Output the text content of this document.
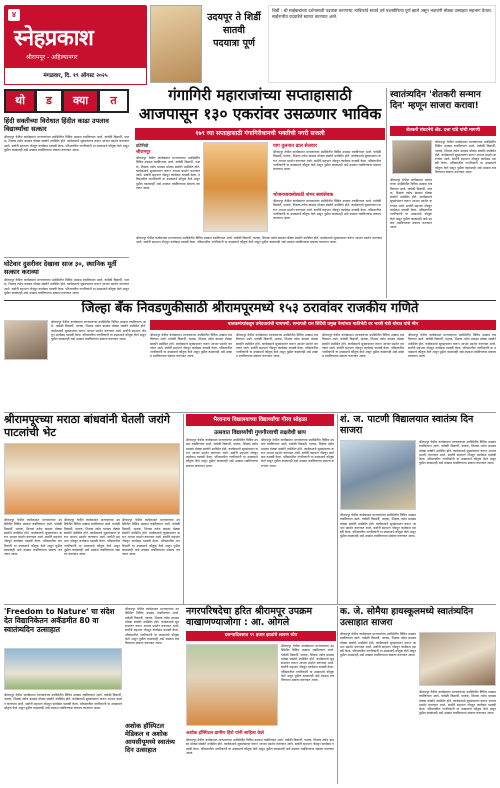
४
स्नेहप्रकाश
श्रीरामपूर - अहिल्यानगर
मंगळवार, दि. १९ ऑगस्ट २०२५
उदयपूर ते शिर्डी सातवी
पदयात्रा पूर्ण
शिर्डी : श्री साईबाबांच्या दर्शनासाठी पदयात्रा करणाऱ्या भाविकांचे सातवे वर्ष यशस्वीरित्या पूर्ण झाले असून भक्तांनी मोठ्या उत्साहात सहभाग घेतला. साईनगरीत पदयात्रेचे स्वागत करण्यात आले.
थो	ड	क्या	त	गंगागिरी महाराजांच्या सप्ताहासाठी
आजपासून १३० एकरांवर उसळणार भाविक
१७९ व्या सप्ताहासाठी गंगागिरीधामची भक्तीची नगरी सजली
हिंदी सक्तीच्या विरोधात हिंदीत काढा उपलाव विद्यार्थ्यांचा सत्कार
श्रीरामपूर येथील कार्यक्रमात मान्यवरांच्या उपस्थितीत विविध उपक्रम राबविण्यात आले. यावेळी विद्यार्थी, पालक, शिक्षक तसेच ग्रामस्थ मोठ्या संख्येने उपस्थित होते. कार्यक्रमाचे सूत्रसंचालन करून आभार प्रदर्शन करण्यात आले. सर्वांनी सहभाग नोंदवून कार्यक्रम यशस्वी केला. परिसरातील नागरिकांनी या उपक्रमाचे कौतुक केले असून पुढील काळातही असे उपक्रम राबविण्याचा संकल्प करण्यात आला.
घोटेवार दुसरीवर देखावा साज ३०, स्थानिक मूर्ती सत्कार कराव्या
श्रीरामपूर येथील कार्यक्रमात मान्यवरांच्या उपस्थितीत विविध उपक्रम राबविण्यात आले. यावेळी विद्यार्थी, पालक, शिक्षक तसेच ग्रामस्थ मोठ्या संख्येने उपस्थित होते. कार्यक्रमाचे सूत्रसंचालन करून आभार प्रदर्शन करण्यात आले. सर्वांनी सहभाग नोंदवून कार्यक्रम यशस्वी केला. परिसरातील नागरिकांनी या उपक्रमाचे कौतुक केले असून पुढील काळातही असे उपक्रम राबविण्याचा संकल्प करण्यात आला.
प्रतिनिधी
श्रीरामपूर
श्रीरामपूर येथील कार्यक्रमात मान्यवरांच्या उपस्थितीत विविध उपक्रम राबविण्यात आले. यावेळी विद्यार्थी, पालक, शिक्षक तसेच ग्रामस्थ मोठ्या संख्येने उपस्थित होते. कार्यक्रमाचे सूत्रसंचालन करून आभार प्रदर्शन करण्यात आले. सर्वांनी सहभाग नोंदवून कार्यक्रम यशस्वी केला. परिसरातील नागरिकांनी या उपक्रमाचे कौतुक केले असून पुढील काळातही असे उपक्रम राबविण्याचा संकल्प करण्यात आला.
याग तुलनात ढाल सेलवार
श्रीरामपूर येथील कार्यक्रमात मान्यवरांच्या उपस्थितीत विविध उपक्रम राबविण्यात आले. यावेळी विद्यार्थी, पालक, शिक्षक तसेच ग्रामस्थ मोठ्या संख्येने उपस्थित होते. कार्यक्रमाचे सूत्रसंचालन करून आभार प्रदर्शन करण्यात आले. सर्वांनी सहभाग नोंदवून कार्यक्रम यशस्वी केला. परिसरातील नागरिकांनी या उपक्रमाचे कौतुक केले असून पुढील काळातही असे उपक्रम राबविण्याचा संकल्प करण्यात आला.
भोजनव्यवस्थेसाठी शंभर स्वयंसेवक
श्रीरामपूर येथील कार्यक्रमात मान्यवरांच्या उपस्थितीत विविध उपक्रम राबविण्यात आले. यावेळी विद्यार्थी, पालक, शिक्षक तसेच ग्रामस्थ मोठ्या संख्येने उपस्थित होते. कार्यक्रमाचे सूत्रसंचालन करून आभार प्रदर्शन करण्यात आले. सर्वांनी सहभाग नोंदवून कार्यक्रम यशस्वी केला. परिसरातील नागरिकांनी या उपक्रमाचे कौतुक केले असून पुढील काळातही असे उपक्रम राबविण्याचा संकल्प करण्यात आला.
श्रीरामपूर येथील कार्यक्रमात मान्यवरांच्या उपस्थितीत विविध उपक्रम राबविण्यात आले. यावेळी विद्यार्थी, पालक, शिक्षक तसेच ग्रामस्थ मोठ्या संख्येने उपस्थित होते. कार्यक्रमाचे सूत्रसंचालन करून आभार प्रदर्शन करण्यात आले. सर्वांनी सहभाग नोंदवून कार्यक्रम यशस्वी केला. परिसरातील नागरिकांनी या उपक्रमाचे कौतुक केले असून पुढील काळातही असे उपक्रम राबविण्याचा संकल्प करण्यात आला.
स्वातंत्र्यदिन 'शेतकरी सन्मान दिन' म्हणून साजरा करावा!
शेतकरी संघटनेचे ॲड. दत्ता पांडे यांची मागणी
श्रीरामपूर येथील कार्यक्रमात मान्यवरांच्या उपस्थितीत विविध उपक्रम राबविण्यात आले. यावेळी विद्यार्थी, पालक, शिक्षक तसेच ग्रामस्थ मोठ्या संख्येने उपस्थित होते. कार्यक्रमाचे सूत्रसंचालन करून आभार प्रदर्शन करण्यात आले. सर्वांनी सहभाग नोंदवून कार्यक्रम यशस्वी केला. परिसरातील नागरिकांनी या उपक्रमाचे कौतुक केले असून पुढील काळातही असे उपक्रम राबविण्याचा संकल्प करण्यात आला.
श्रीरामपूर येथील कार्यक्रमात मान्यवरांच्या उपस्थितीत विविध उपक्रम राबविण्यात आले. यावेळी विद्यार्थी, पालक, शिक्षक तसेच ग्रामस्थ मोठ्या संख्येने उपस्थित होते. कार्यक्रमाचे सूत्रसंचालन करून आभार प्रदर्शन करण्यात आले. सर्वांनी सहभाग नोंदवून कार्यक्रम यशस्वी केला. परिसरातील नागरिकांनी या उपक्रमाचे कौतुक केले असून पुढील काळातही असे उपक्रम राबविण्याचा संकल्प करण्यात आला.
जिल्हा बँक निवडणुकीसाठी श्रीरामपूरमध्ये १५३ ठरावांवर राजकीय गणिते
पालकमंत्र्यांकडून उमेदवारांची चाचपणी, सभापती राम शिंदेंची प्रमुख नेत्यांच्या गाठीभेटी वर भाजी मंत्री थोरात यांचे मौन
श्रीरामपूर येथील कार्यक्रमात मान्यवरांच्या उपस्थितीत विविध उपक्रम राबविण्यात आले. यावेळी विद्यार्थी, पालक, शिक्षक तसेच ग्रामस्थ मोठ्या संख्येने उपस्थित होते. कार्यक्रमाचे सूत्रसंचालन करून आभार प्रदर्शन करण्यात आले. सर्वांनी सहभाग नोंदवून कार्यक्रम यशस्वी केला. परिसरातील नागरिकांनी या उपक्रमाचे कौतुक केले असून पुढील काळातही असे उपक्रम राबविण्याचा संकल्प करण्यात आला.
श्रीरामपूर येथील कार्यक्रमात मान्यवरांच्या उपस्थितीत विविध उपक्रम राबविण्यात आले. यावेळी विद्यार्थी, पालक, शिक्षक तसेच ग्रामस्थ मोठ्या संख्येने उपस्थित होते. कार्यक्रमाचे सूत्रसंचालन करून आभार प्रदर्शन करण्यात आले. सर्वांनी सहभाग नोंदवून कार्यक्रम यशस्वी केला. परिसरातील नागरिकांनी या उपक्रमाचे कौतुक केले असून पुढील काळातही असे उपक्रम राबविण्याचा संकल्प करण्यात आला.
श्रीरामपूर येथील कार्यक्रमात मान्यवरांच्या उपस्थितीत विविध उपक्रम राबविण्यात आले. यावेळी विद्यार्थी, पालक, शिक्षक तसेच ग्रामस्थ मोठ्या संख्येने उपस्थित होते. कार्यक्रमाचे सूत्रसंचालन करून आभार प्रदर्शन करण्यात आले. सर्वांनी सहभाग नोंदवून कार्यक्रम यशस्वी केला. परिसरातील नागरिकांनी या उपक्रमाचे कौतुक केले असून पुढील काळातही असे उपक्रम राबविण्याचा संकल्प करण्यात आला.
श्रीरामपूर येथील कार्यक्रमात मान्यवरांच्या उपस्थितीत विविध उपक्रम राबविण्यात आले. यावेळी विद्यार्थी, पालक, शिक्षक तसेच ग्रामस्थ मोठ्या संख्येने उपस्थित होते. कार्यक्रमाचे सूत्रसंचालन करून आभार प्रदर्शन करण्यात आले. सर्वांनी सहभाग नोंदवून कार्यक्रम यशस्वी केला. परिसरातील नागरिकांनी या उपक्रमाचे कौतुक केले असून पुढील काळातही असे उपक्रम राबविण्याचा संकल्प करण्यात आला.
श्रीरामपूर येथील कार्यक्रमात मान्यवरांच्या उपस्थितीत विविध उपक्रम राबविण्यात आले. यावेळी विद्यार्थी, पालक, शिक्षक तसेच ग्रामस्थ मोठ्या संख्येने उपस्थित होते. कार्यक्रमाचे सूत्रसंचालन करून आभार प्रदर्शन करण्यात आले. सर्वांनी सहभाग नोंदवून कार्यक्रम यशस्वी केला. परिसरातील नागरिकांनी या उपक्रमाचे कौतुक केले असून पुढील काळातही असे उपक्रम राबविण्याचा संकल्प करण्यात आला.
श्रीरामपूरच्या मराठा बांधवांनी घेतली जरांगे पाटलांची भेट
श्रीरामपूर येथील कार्यक्रमात मान्यवरांच्या उपस्थितीत विविध उपक्रम राबविण्यात आले. यावेळी विद्यार्थी, पालक, शिक्षक तसेच ग्रामस्थ मोठ्या संख्येने उपस्थित होते. कार्यक्रमाचे सूत्रसंचालन करून आभार प्रदर्शन करण्यात आले. सर्वांनी सहभाग नोंदवून कार्यक्रम यशस्वी केला. परिसरातील नागरिकांनी या उपक्रमाचे कौतुक केले असून पुढील काळातही असे उपक्रम राबविण्याचा संकल्प करण्यात आला.
श्रीरामपूर येथील कार्यक्रमात मान्यवरांच्या उपस्थितीत विविध उपक्रम राबविण्यात आले. यावेळी विद्यार्थी, पालक, शिक्षक तसेच ग्रामस्थ मोठ्या संख्येने उपस्थित होते. कार्यक्रमाचे सूत्रसंचालन करून आभार प्रदर्शन करण्यात आले. सर्वांनी सहभाग नोंदवून कार्यक्रम यशस्वी केला. परिसरातील नागरिकांनी या उपक्रमाचे कौतुक केले असून पुढील काळातही असे उपक्रम राबविण्याचा संकल्प करण्यात आला.
श्रीरामपूर येथील कार्यक्रमात मान्यवरांच्या उपस्थितीत विविध उपक्रम राबविण्यात आले. यावेळी विद्यार्थी, पालक, शिक्षक तसेच ग्रामस्थ मोठ्या संख्येने उपस्थित होते. कार्यक्रमाचे सूत्रसंचालन करून आभार प्रदर्शन करण्यात आले. सर्वांनी सहभाग नोंदवून कार्यक्रम यशस्वी केला. परिसरातील नागरिकांनी या उपक्रमाचे कौतुक केले असून पुढील काळातही असे उपक्रम राबविण्याचा संकल्प करण्यात आला.
भैरवनाथ विद्यालयाच्या विद्यार्थ्यांचा गौरव सोहळा
उत्सवात विद्यार्थ्यांची गुणगौरवाची लक्षवेधी छाप
श्रीरामपूर येथील कार्यक्रमात मान्यवरांच्या उपस्थितीत विविध उपक्रम राबविण्यात आले. यावेळी विद्यार्थी, पालक, शिक्षक तसेच ग्रामस्थ मोठ्या संख्येने उपस्थित होते. कार्यक्रमाचे सूत्रसंचालन करून आभार प्रदर्शन करण्यात आले. सर्वांनी सहभाग नोंदवून कार्यक्रम यशस्वी केला. परिसरातील नागरिकांनी या उपक्रमाचे कौतुक केले असून पुढील काळातही असे उपक्रम राबविण्याचा संकल्प करण्यात आला.
श्रीरामपूर येथील कार्यक्रमात मान्यवरांच्या उपस्थितीत विविध उपक्रम राबविण्यात आले. यावेळी विद्यार्थी, पालक, शिक्षक तसेच ग्रामस्थ मोठ्या संख्येने उपस्थित होते. कार्यक्रमाचे सूत्रसंचालन करून आभार प्रदर्शन करण्यात आले. सर्वांनी सहभाग नोंदवून कार्यक्रम यशस्वी केला. परिसरातील नागरिकांनी या उपक्रमाचे कौतुक केले असून पुढील काळातही असे उपक्रम राबविण्याचा संकल्प करण्यात आला.
शं. ज. पाटणी विद्यालयात स्वातंत्र्य दिन साजरा
श्रीरामपूर येथील कार्यक्रमात मान्यवरांच्या उपस्थितीत विविध उपक्रम राबविण्यात आले. यावेळी विद्यार्थी, पालक, शिक्षक तसेच ग्रामस्थ मोठ्या संख्येने उपस्थित होते. कार्यक्रमाचे सूत्रसंचालन करून आभार प्रदर्शन करण्यात आले. सर्वांनी सहभाग नोंदवून कार्यक्रम यशस्वी केला. परिसरातील नागरिकांनी या उपक्रमाचे कौतुक केले असून पुढील काळातही असे उपक्रम राबविण्याचा संकल्प करण्यात आला.
श्रीरामपूर येथील कार्यक्रमात मान्यवरांच्या उपस्थितीत विविध उपक्रम राबविण्यात आले. यावेळी विद्यार्थी, पालक, शिक्षक तसेच ग्रामस्थ मोठ्या संख्येने उपस्थित होते. कार्यक्रमाचे सूत्रसंचालन करून आभार प्रदर्शन करण्यात आले. सर्वांनी सहभाग नोंदवून कार्यक्रम यशस्वी केला. परिसरातील नागरिकांनी या उपक्रमाचे कौतुक केले असून पुढील काळातही असे उपक्रम राबविण्याचा संकल्प करण्यात आला.
'Freedom to Nature' चा संदेश देत विद्यानिकेतन अकॅडमीत 80 वा स्वातंत्र्यदिन उत्साहात
श्रीरामपूर येथील कार्यक्रमात मान्यवरांच्या उपस्थितीत विविध उपक्रम राबविण्यात आले. यावेळी विद्यार्थी, पालक, शिक्षक तसेच ग्रामस्थ मोठ्या संख्येने उपस्थित होते. कार्यक्रमाचे सूत्रसंचालन करून आभार प्रदर्शन करण्यात आले. सर्वांनी सहभाग नोंदवून कार्यक्रम यशस्वी केला. परिसरातील नागरिकांनी या उपक्रमाचे कौतुक केले असून पुढील काळातही असे उपक्रम राबविण्याचा संकल्प करण्यात आला.
श्रीरामपूर येथील कार्यक्रमात मान्यवरांच्या उपस्थितीत विविध उपक्रम राबविण्यात आले. यावेळी विद्यार्थी, पालक, शिक्षक तसेच ग्रामस्थ मोठ्या संख्येने उपस्थित होते. कार्यक्रमाचे सूत्रसंचालन करून आभार प्रदर्शन करण्यात आले. सर्वांनी सहभाग नोंदवून कार्यक्रम यशस्वी केला. परिसरातील नागरिकांनी या उपक्रमाचे कौतुक केले असून पुढील काळातही असे उपक्रम राबविण्याचा संकल्प करण्यात आला.
अशोक हॉस्पिटल मेडिकल व अशोक आयसीयूमध्ये स्वातंत्र्य दिन उत्साहात
अशोक हॉस्पिटल ग्रामीण हिरो यांनी साहित्य केले
श्रीरामपूर येथील कार्यक्रमात मान्यवरांच्या उपस्थितीत विविध उपक्रम राबविण्यात आले. यावेळी विद्यार्थी, पालक, शिक्षक तसेच ग्रामस्थ मोठ्या संख्येने उपस्थित होते. कार्यक्रमाचे सूत्रसंचालन करून आभार प्रदर्शन करण्यात आले. सर्वांनी सहभाग नोंदवून कार्यक्रम यशस्वी केला. परिसरातील नागरिकांनी या उपक्रमाचे कौतुक केले असून पुढील काळातही असे उपक्रम राबविण्याचा संकल्प करण्यात आला.
नगरपरिषदेचा हरित श्रीरामपूर उपक्रम वाखाणण्याजोगा : आ. ओगले
दसऱ्यादिवसात ९९ हजार झाडांचे लावण ध्येय
श्रीरामपूर येथील कार्यक्रमात मान्यवरांच्या उपस्थितीत विविध उपक्रम राबविण्यात आले. यावेळी विद्यार्थी, पालक, शिक्षक तसेच ग्रामस्थ मोठ्या संख्येने उपस्थित होते. कार्यक्रमाचे सूत्रसंचालन करून आभार प्रदर्शन करण्यात आले. सर्वांनी सहभाग नोंदवून कार्यक्रम यशस्वी केला. परिसरातील नागरिकांनी या उपक्रमाचे कौतुक केले असून पुढील काळातही असे उपक्रम राबविण्याचा संकल्प करण्यात आला.
क. जे. सोमैया हायस्कूलमध्ये स्वातंत्र्यदिन उत्साहात साजरा
श्रीरामपूर येथील कार्यक्रमात मान्यवरांच्या उपस्थितीत विविध उपक्रम राबविण्यात आले. यावेळी विद्यार्थी, पालक, शिक्षक तसेच ग्रामस्थ मोठ्या संख्येने उपस्थित होते. कार्यक्रमाचे सूत्रसंचालन करून आभार प्रदर्शन करण्यात आले. सर्वांनी सहभाग नोंदवून कार्यक्रम यशस्वी केला. परिसरातील नागरिकांनी या उपक्रमाचे कौतुक केले असून पुढील काळातही असे उपक्रम राबविण्याचा संकल्प करण्यात आला.
श्रीरामपूर येथील कार्यक्रमात मान्यवरांच्या उपस्थितीत विविध उपक्रम राबविण्यात आले. यावेळी विद्यार्थी, पालक, शिक्षक तसेच ग्रामस्थ मोठ्या संख्येने उपस्थित होते. कार्यक्रमाचे सूत्रसंचालन करून आभार प्रदर्शन करण्यात आले. सर्वांनी सहभाग नोंदवून कार्यक्रम यशस्वी केला. परिसरातील नागरिकांनी या उपक्रमाचे कौतुक केले असून पुढील काळातही असे उपक्रम राबविण्याचा संकल्प करण्यात आला.
